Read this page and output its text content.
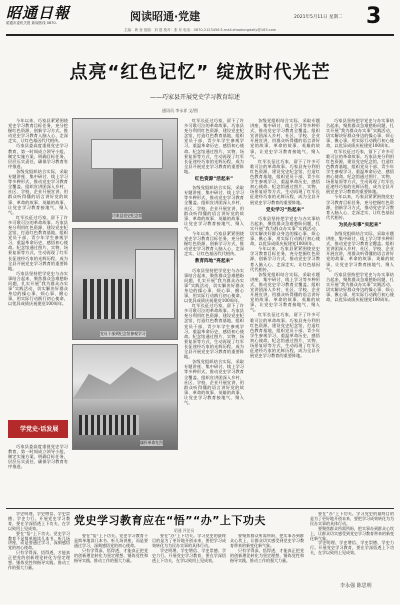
昭通日報
昭通市委机关报 新闻热线 0870-	阅读昭通·党建	2021年5月11日 星期二 3
主编：黄 登 组版：刘 建 校对：张 东 电话：0870-2123456 E-mail:zhaotongdaily@163.com
点亮“红色记忆” 绽放时代光芒
——巧家县开展党史学习教育综述
通讯员 李永祥 文/图

今年以来，巧家县紧紧围绕党史学习教育目标任务，充分挖掘红色资源，创新学习方式，推动党史学习教育入脑入心、走深走实，让红色基因代代相传。

巧家县委高度重视党史学习教育，第一时间成立领导小组，制定实施方案，明确目标任务，层层压实责任，确保学习教育有序推进。

各级党组织结合实际，采取专题讲座、集中研讨、线上学习等多种形式，推动党史学习教育全覆盖。组织宣讲团深入乡村、社区、学校、企业开展宣讲，用群众听得懂的语言讲好党的故事、革命的故事、英雄的故事，让党史学习教育接地气、聚人气。

红军长征过巧家，留下了许多可歌可泣的革命故事。巧家县充分利用红色资源，建设党史纪念馆，打造红色教育基地，组织党员干部、青少年学生参观学习，重温革命历史，感悟初心使命。纪念馆通过图片、实物、场景复原等方式，生动再现了红军长征途经巧家的光辉历程，成为全县开展党史学习教育的重要阵地。

巧家县坚持把学党史与办实事结合起来，聚焦群众急难愁盼问题，扎实开展“我为群众办实事”实践活动，切实解决好群众身边的操心事、烦心事、揪心事，用实际行动践行初心使命，以优异成绩庆祝建党100周年。

学党史·话发展

巧家县委高度重视党史学习教育，第一时间成立领导小组，制定实施方案，明确目标任务，层层压实责任，确保学习教育有序推进。

巧家县党史纪念馆
党员干部到纪念馆参观学习
缅怀革命先烈

红军长征过巧家，留下了许多可歌可泣的革命故事。巧家县充分利用红色资源，建设党史纪念馆，打造红色教育基地，组织党员干部、青少年学生参观学习，重温革命历史，感悟初心使命。纪念馆通过图片、实物、场景复原等方式，生动再现了红军长征途经巧家的光辉历程，成为全县开展党史学习教育的重要阵地。

红色资源“活起来”

各级党组织结合实际，采取专题讲座、集中研讨、线上学习等多种形式，推动党史学习教育全覆盖。组织宣讲团深入乡村、社区、学校、企业开展宣讲，用群众听得懂的语言讲好党的故事、革命的故事、英雄的故事，让党史学习教育接地气、聚人气。

今年以来，巧家县紧紧围绕党史学习教育目标任务，充分挖掘红色资源，创新学习方式，推动党史学习教育入脑入心、走深走实，让红色基因代代相传。

教育阵地“亮起来”

巧家县坚持把学党史与办实事结合起来，聚焦群众急难愁盼问题，扎实开展“我为群众办实事”实践活动，切实解决好群众身边的操心事、烦心事、揪心事，用实际行动践行初心使命，以优异成绩庆祝建党100周年。

红军长征过巧家，留下了许多可歌可泣的革命故事。巧家县充分利用红色资源，建设党史纪念馆，打造红色教育基地，组织党员干部、青少年学生参观学习，重温革命历史，感悟初心使命。纪念馆通过图片、实物、场景复原等方式，生动再现了红军长征途经巧家的光辉历程，成为全县开展党史学习教育的重要阵地。

各级党组织结合实际，采取专题讲座、集中研讨、线上学习等多种形式，推动党史学习教育全覆盖。组织宣讲团深入乡村、社区、学校、企业开展宣讲，用群众听得懂的语言讲好党的故事、革命的故事、英雄的故事，让党史学习教育接地气、聚人气。

各级党组织结合实际，采取专题讲座、集中研讨、线上学习等多种形式，推动党史学习教育全覆盖。组织宣讲团深入乡村、社区、学校、企业开展宣讲，用群众听得懂的语言讲好党的故事、革命的故事、英雄的故事，让党史学习教育接地气、聚人气。

红军长征过巧家，留下了许多可歌可泣的革命故事。巧家县充分利用红色资源，建设党史纪念馆，打造红色教育基地，组织党员干部、青少年学生参观学习，重温革命历史，感悟初心使命。纪念馆通过图片、实物、场景复原等方式，生动再现了红军长征途经巧家的光辉历程，成为全县开展党史学习教育的重要阵地。

党史学习“热起来”

巧家县坚持把学党史与办实事结合起来，聚焦群众急难愁盼问题，扎实开展“我为群众办实事”实践活动，切实解决好群众身边的操心事、烦心事、揪心事，用实际行动践行初心使命，以优异成绩庆祝建党100周年。

今年以来，巧家县紧紧围绕党史学习教育目标任务，充分挖掘红色资源，创新学习方式，推动党史学习教育入脑入心、走深走实，让红色基因代代相传。

各级党组织结合实际，采取专题讲座、集中研讨、线上学习等多种形式，推动党史学习教育全覆盖。组织宣讲团深入乡村、社区、学校、企业开展宣讲，用群众听得懂的语言讲好党的故事、革命的故事、英雄的故事，让党史学习教育接地气、聚人气。

红军长征过巧家，留下了许多可歌可泣的革命故事。巧家县充分利用红色资源，建设党史纪念馆，打造红色教育基地，组织党员干部、青少年学生参观学习，重温革命历史，感悟初心使命。纪念馆通过图片、实物、场景复原等方式，生动再现了红军长征途经巧家的光辉历程，成为全县开展党史学习教育的重要阵地。

巧家县坚持把学党史与办实事结合起来，聚焦群众急难愁盼问题，扎实开展“我为群众办实事”实践活动，切实解决好群众身边的操心事、烦心事、揪心事，用实际行动践行初心使命，以优异成绩庆祝建党100周年。

红军长征过巧家，留下了许多可歌可泣的革命故事。巧家县充分利用红色资源，建设党史纪念馆，打造红色教育基地，组织党员干部、青少年学生参观学习，重温革命历史，感悟初心使命。纪念馆通过图片、实物、场景复原等方式，生动再现了红军长征途经巧家的光辉历程，成为全县开展党史学习教育的重要阵地。

今年以来，巧家县紧紧围绕党史学习教育目标任务，充分挖掘红色资源，创新学习方式，推动党史学习教育入脑入心、走深走实，让红色基因代代相传。

为民办实事“实起来”

各级党组织结合实际，采取专题讲座、集中研讨、线上学习等多种形式，推动党史学习教育全覆盖。组织宣讲团深入乡村、社区、学校、企业开展宣讲，用群众听得懂的语言讲好党的故事、革命的故事、英雄的故事，让党史学习教育接地气、聚人气。

巧家县坚持把学党史与办实事结合起来，聚焦群众急难愁盼问题，扎实开展“我为群众办实事”实践活动，切实解决好群众身边的操心事、烦心事、揪心事，用实际行动践行初心使命，以优异成绩庆祝建党100周年。

学史明理、学史增信、学史崇德、学史力行。开展党史学习教育，要在学深悟透上下功夫，在学以致用上见成效。

要在“悟”上下功夫。党史学习教育不是简单地读几本书、听几场讲座，而是要通过学习，深刻感悟党的初心使命。

只有学得深、悟得透，才能真正把党的创新理论转化为坚定理想、锤炼党性和指导实践、推动工作的强大力量。

党史学习教育应在“悟”“办”上下功夫
昭通 评论员

要在“悟”上下功夫。党史学习教育不是简单地读几本书、听几场讲座，而是要通过学习，深刻感悟党的初心使命。

只有学得深、悟得透，才能真正把党的创新理论转化为坚定理想、锤炼党性和指导实践、推动工作的强大力量。

要在“办”上下功夫。学习党史的最终目的是为了更好地开创未来，要把学习成效转化为为民办实事的具体行动。

学史明理、学史增信、学史崇德、学史力行。开展党史学习教育，要在学深悟透上下功夫，在学以致用上见成效。

要聚焦群众所需所盼，把实事办到群众心坎上，让群众切实感受到党史学习教育带来的新变化新气象。

只有学得深、悟得透，才能真正把党的创新理论转化为坚定理想、锤炼党性和指导实践、推动工作的强大力量。

要在“办”上下功夫。学习党史的最终目的是为了更好地开创未来，要把学习成效转化为为民办实事的具体行动。

要聚焦群众所需所盼，把实事办到群众心坎上，让群众切实感受到党史学习教育带来的新变化新气象。

学史明理、学史增信、学史崇德、学史力行。开展党史学习教育，要在学深悟透上下功夫，在学以致用上见成效。

李永强 陈思明
